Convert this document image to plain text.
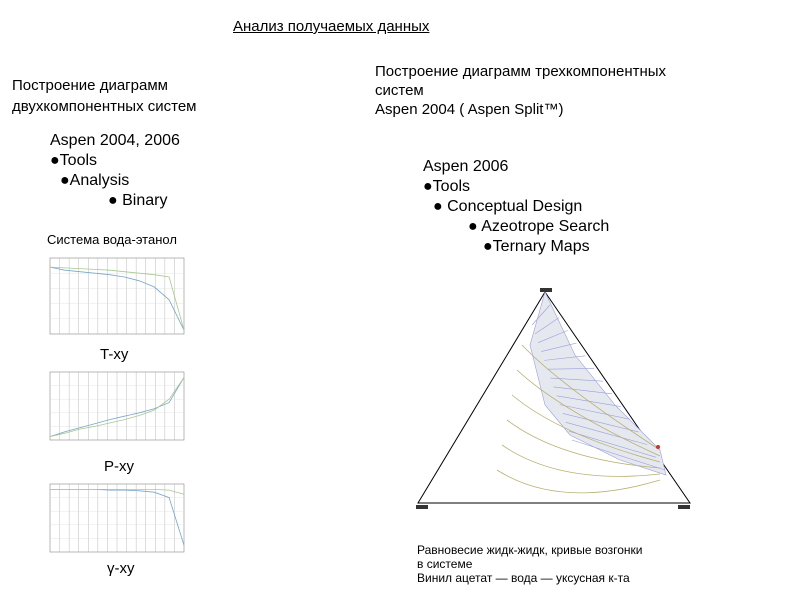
Анализ получаемых данных
Построение диаграмм
двухкомпонентных систем
Построение диаграмм трехкомпонентных
систем
Aspen 2004 ( Aspen Split™)
Aspen 2004, 2006
●Tools
●Analysis
● Binary
Aspen 2006
●Tools
● Conceptual Design
● Azeotrope Search
●Ternary Maps
Система вода-этанол
T-xy
P-xy
γ-xy
Равновесие жидк-жидк, кривые возгонки
в системе
Винил ацетат — вода — уксусная к-та
